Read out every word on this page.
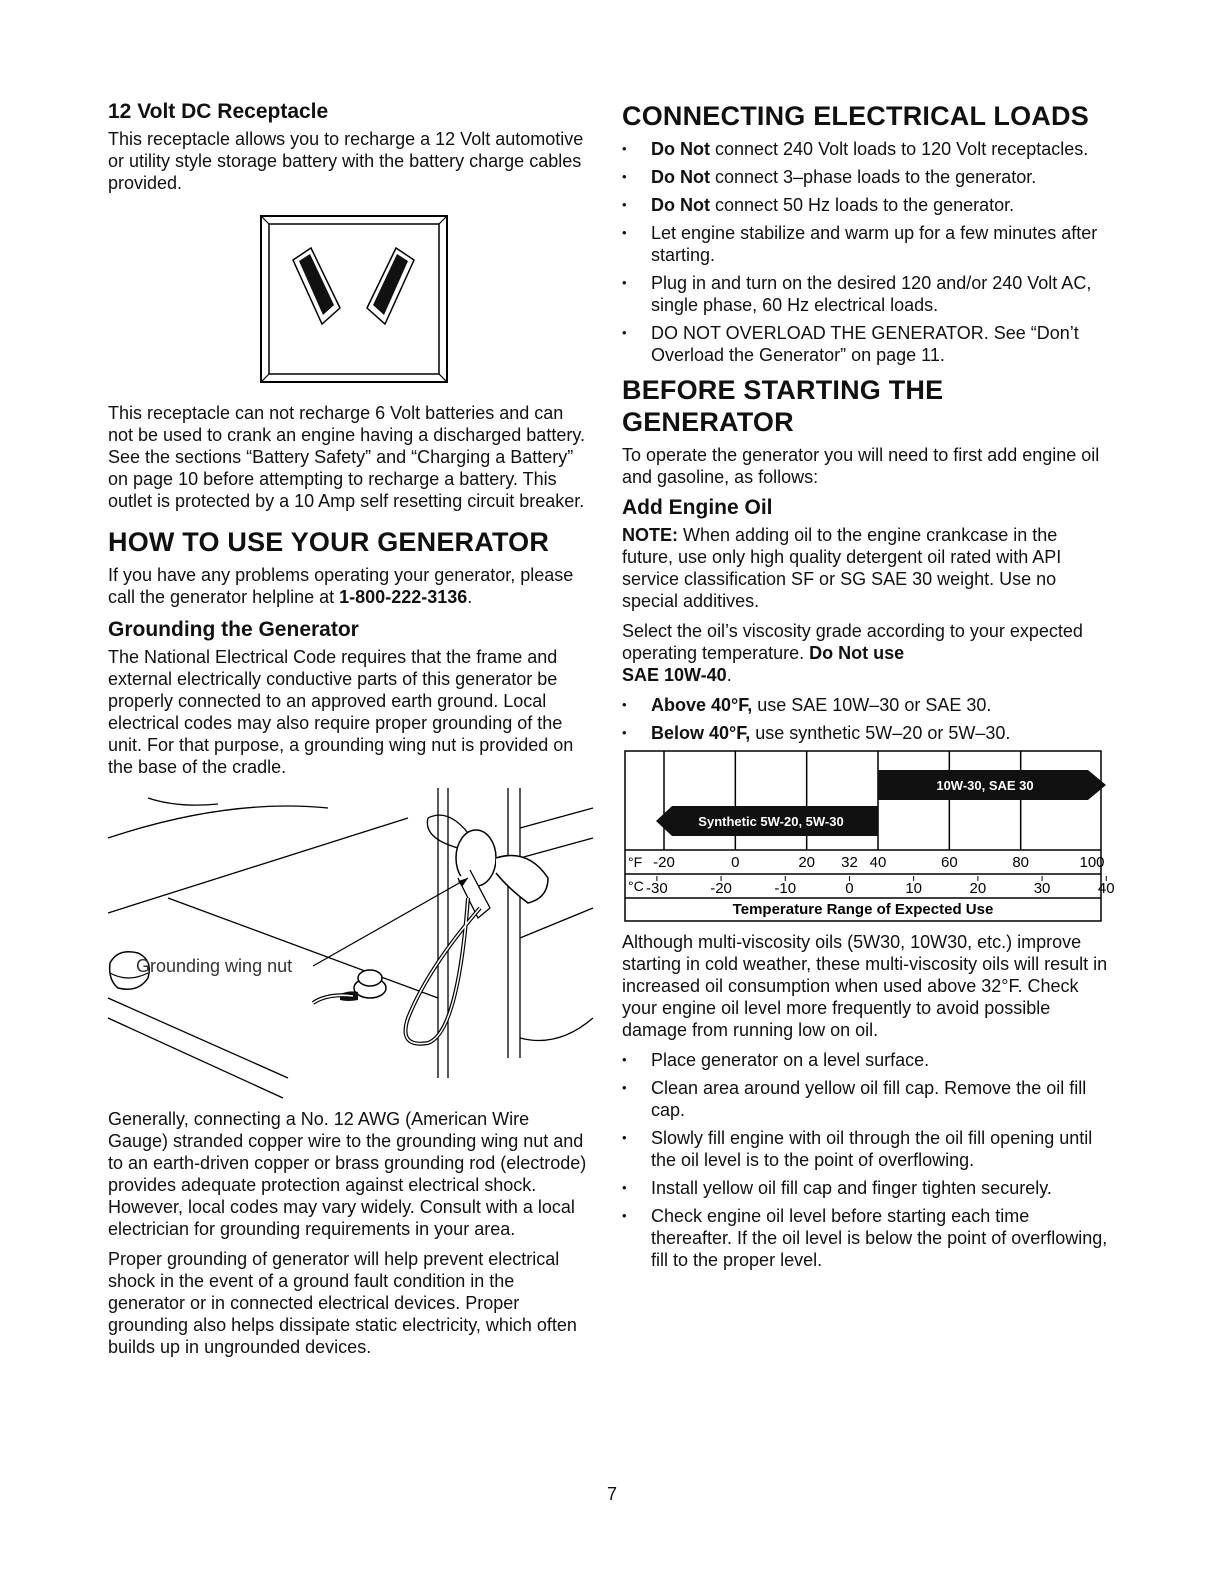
12 Volt DC Receptacle

This receptacle allows you to recharge a 12 Volt automotive or utility style storage battery with the battery charge cables provided.

This receptacle can not recharge 6 Volt batteries and can not be used to crank an engine having a discharged battery. See the sections “Battery Safety” and “Charging a Battery” on page 10 before attempting to recharge a battery. This outlet is protected by a 10 Amp self resetting circuit breaker.

HOW TO USE YOUR GENERATOR

If you have any problems operating your generator, please call the generator helpline at 1-800-222-3136.

Grounding the Generator

The National Electrical Code requires that the frame and external electrically conductive parts of this generator be properly connected to an approved earth ground. Local electrical codes may also require proper grounding of the unit. For that purpose, a grounding wing nut is provided on the base of the cradle.

Grounding wing nut

Generally, connecting a No. 12 AWG (American Wire Gauge) stranded copper wire to the grounding wing nut and to an earth-driven copper or brass grounding rod (electrode) provides adequate protection against electrical shock. However, local codes may vary widely. Consult with a local electrician for grounding requirements in your area.

Proper grounding of generator will help prevent electrical shock in the event of a ground fault condition in the generator or in connected electrical devices. Proper grounding also helps dissipate static electricity, which often builds up in ungrounded devices.

CONNECTING ELECTRICAL LOADS
• Do Not connect 240 Volt loads to 120 Volt receptacles.
• Do Not connect 3–phase loads to the generator.
• Do Not connect 50 Hz loads to the generator.
• Let engine stabilize and warm up for a few minutes after starting.
• Plug in and turn on the desired 120 and/or 240 Volt AC, single phase, 60 Hz electrical loads.
• DO NOT OVERLOAD THE GENERATOR. See “Don’t Overload the Generator” on page 11.
BEFORE STARTING THE
GENERATOR

To operate the generator you will need to first add engine oil and gasoline, as follows:

Add Engine Oil

NOTE: When adding oil to the engine crankcase in the future, use only high quality detergent oil rated with API service classification SF or SG SAE 30 weight. Use no special additives.

Select the oil’s viscosity grade according to your expected operating temperature. Do Not use
SAE 10W-40.

• Above 40°F, use SAE 10W–30 or SAE 30.
• Below 40°F, use synthetic 5W–20 or 5W–30.
10W-30, SAE 30
Synthetic 5W-20, 5W-30
°F -20	0	20 32 40	60	80	100
°C -30	-20	-10	0	10	20	30	40
Temperature Range of Expected Use

Although multi-viscosity oils (5W30, 10W30, etc.) improve starting in cold weather, these multi-viscosity oils will result in increased oil consumption when used above 32°F. Check your engine oil level more frequently to avoid possible damage from running low on oil.

• Place generator on a level surface.
• Clean area around yellow oil fill cap. Remove the oil fill cap.
• Slowly fill engine with oil through the oil fill opening until the oil level is to the point of overflowing.
• Install yellow oil fill cap and finger tighten securely.
• Check engine oil level before starting each time thereafter. If the oil level is below the point of overflowing, fill to the proper level.
7
